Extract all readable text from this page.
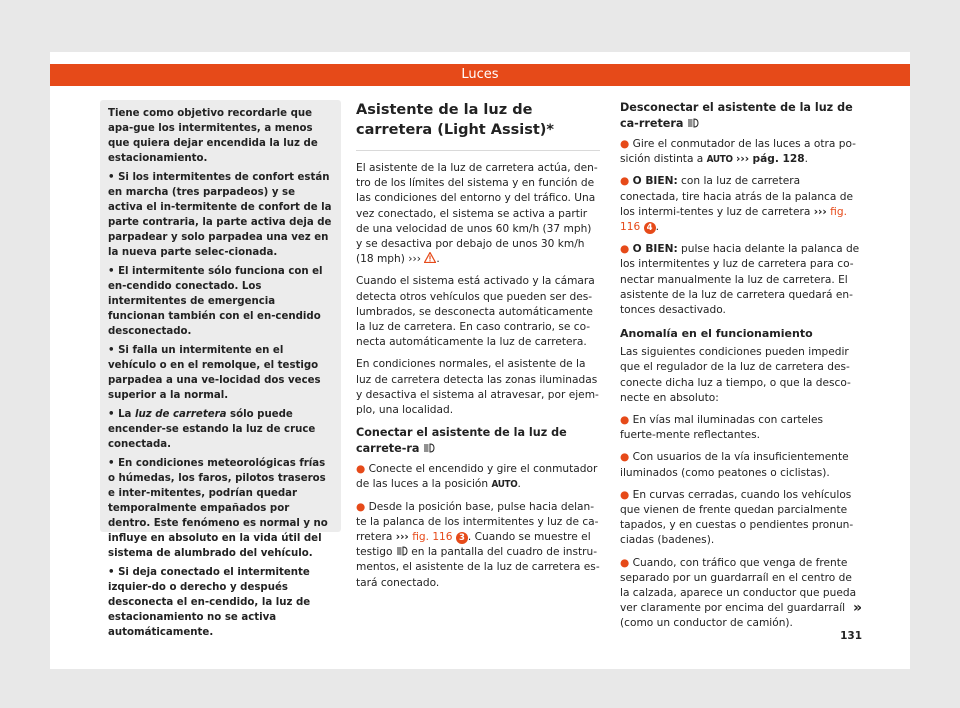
Luces

Tiene como objetivo recordarle que apa-gue los intermitentes, a menos que quiera dejar encendida la luz de estacionamiento.

• Si los intermitentes de confort están en marcha (tres parpadeos) y se activa el in-termitente de confort de la parte contraria, la parte activa deja de parpadear y solo parpadea una vez en la nueva parte selec-cionada.

• El intermitente sólo funciona con el en-cendido conectado. Los intermitentes de emergencia funcionan también con el en-cendido desconectado.

• Si falla un intermitente en el vehículo o en el remolque, el testigo parpadea a una ve-locidad dos veces superior a la normal.

• La luz de carretera sólo puede encender-se estando la luz de cruce conectada.

• En condiciones meteorológicas frías o húmedas, los faros, pilotos traseros e inter-mitentes, podrían quedar temporalmente empañados por dentro. Este fenómeno es normal y no influye en absoluto en la vida útil del sistema de alumbrado del vehículo.

• Si deja conectado el intermitente izquier-do o derecho y después desconecta el en-cendido, la luz de estacionamiento no se activa automáticamente.

Asistente de la luz de carretera (Light Assist)*

El asistente de la luz de carretera actúa, den-tro de los límites del sistema y en función de las condiciones del entorno y del tráfico. Una vez conectado, el sistema se activa a partir de una velocidad de unos 60 km/h (37 mph) y se desactiva por debajo de unos 30 km/h (18 mph) ››› .

Cuando el sistema está activado y la cámara detecta otros vehículos que pueden ser des-lumbrados, se desconecta automáticamente la luz de carretera. En caso contrario, se co-necta automáticamente la luz de carretera.

En condiciones normales, el asistente de la luz de carretera detecta las zonas iluminadas y desactiva el sistema al atravesar, por ejem-plo, una localidad.

Conectar el asistente de la luz de carrete-ra

● Conecte el encendido y gire el conmutador de las luces a la posición AUTO.

● Desde la posición base, pulse hacia delan-te la palanca de los intermitentes y luz de ca-rretera ››› fig. 116 3 . Cuando se muestre el testigo  en la pantalla del cuadro de instru-mentos, el asistente de la luz de carretera es-tará conectado.

Desconectar el asistente de la luz de ca-rretera

● Gire el conmutador de las luces a otra po-sición distinta a AUTO ››› pág. 128.

● O BIEN: con la luz de carretera conectada, tire hacia atrás de la palanca de los intermi-tentes y luz de carretera ››› fig. 116 4 .

● O BIEN: pulse hacia delante la palanca de los intermitentes y luz de carretera para co-nectar manualmente la luz de carretera. El asistente de la luz de carretera quedará en-tonces desactivado.

Anomalía en el funcionamiento

Las siguientes condiciones pueden impedir que el regulador de la luz de carretera des-conecte dicha luz a tiempo, o que la desco-necte en absoluto:

● En vías mal iluminadas con carteles fuerte-mente reflectantes.

● Con usuarios de la vía insuficientemente iluminados (como peatones o ciclistas).

● En curvas cerradas, cuando los vehículos que vienen de frente quedan parcialmente tapados, y en cuestas o pendientes pronun-ciadas (badenes).

● Cuando, con tráfico que venga de frente separado por un guardarraíl en el centro de la calzada, aparece un conductor que pueda ver claramente por encima del guardarraíl (como un conductor de camión).

»
131
